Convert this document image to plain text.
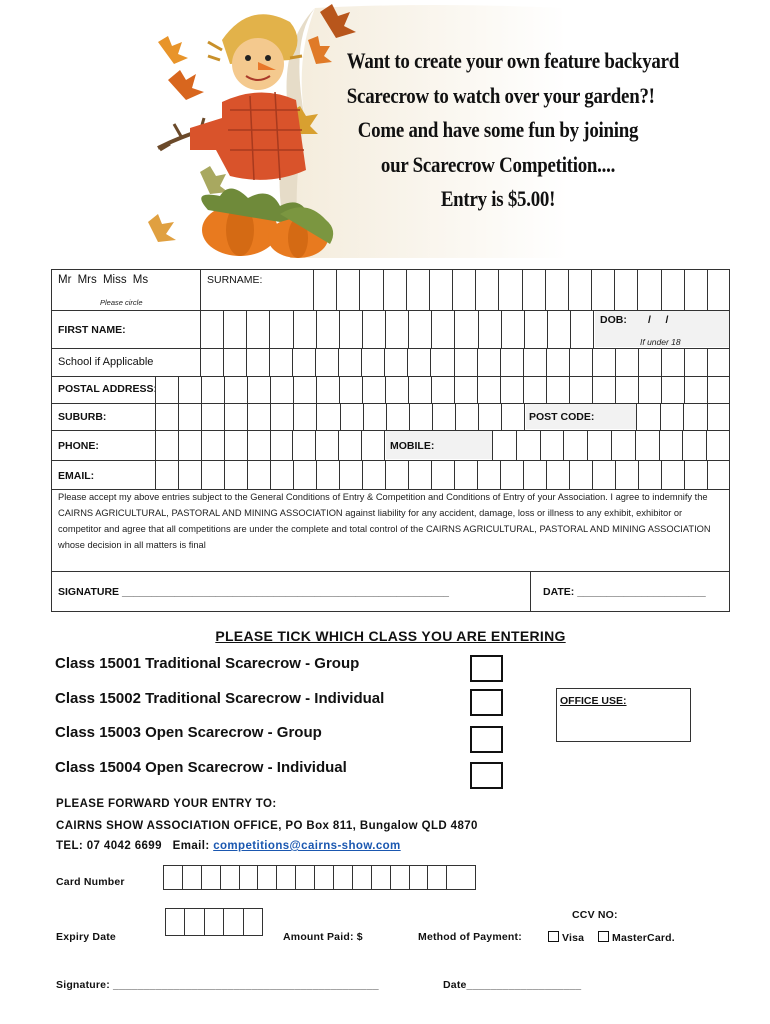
Want to create your own feature backyard
Scarecrow to watch over your garden?!
Come and have some fun by joining
our Scarecrow Competition....
Entry is $5.00!
Mr Mrs Miss Ms
Please circle
SURNAME:
FIRST NAME:
DOB: /     /
If under 18
School if Applicable
POSTAL ADDRESS:
SUBURB:	POST CODE:
PHONE:	MOBILE:
EMAIL:
Please accept my above entries subject to the General Conditions of Entry & Competition and Conditions of Entry of your Association. I agree to indemnify the CAIRNS AGRICULTURAL, PASTORAL AND MINING ASSOCIATION against liability for any accident, damage, loss or illness to any exhibit, exhibitor or competitor and agree that all competitions are under the complete and total control of the CAIRNS AGRICULTURAL, PASTORAL AND MINING ASSOCIATION whose decision in all matters is final
SIGNATURE ________________________________________________________	DATE: ______________________
PLEASE TICK WHICH CLASS YOU ARE ENTERING
Class 15001 Traditional Scarecrow - Group
Class 15002 Traditional Scarecrow - Individual
Class 15003 Open Scarecrow - Group
Class 15004 Open Scarecrow - Individual
OFFICE USE:
PLEASE FORWARD YOUR ENTRY TO:
CAIRNS SHOW ASSOCIATION OFFICE, PO Box 811, Bungalow QLD 4870
TEL: 07 4042 6699   Email: competitions@cairns-show.com
Card Number
CCV NO:
Expiry Date	Amount Paid: $	Method of Payment:	Visa	MasterCard.
Signature: ____________________________________________	Date___________________
